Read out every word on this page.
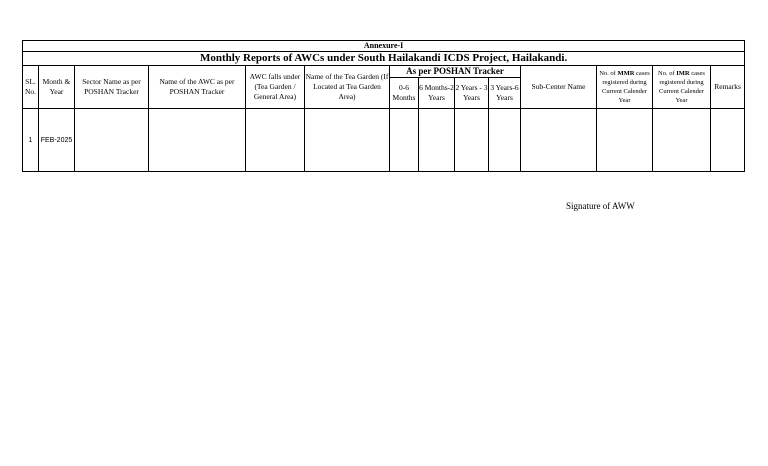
Annexure-I													
Monthly Reports of AWCs under South Hailakandi ICDS Project, Hailakandi.													
SL. No.	Month & Year	Sector Name as per POSHAN Tracker	Name of the AWC as per POSHAN Tracker	AWC falls under (Tea Garden / General Area)	Name of the Tea Garden (If Located at Tea Garden Area)	As per POSHAN Tracker				Sub-Center Name	No. of MMR cases registered during Current Calender Year	No. of IMR cases registered during Current Calender Year	Remarks
						0-6 Months	6 Months-2 Years	2 Years - 3 Years	3 Years-6 Years				
1	FEB-2025												
Signature of AWW
